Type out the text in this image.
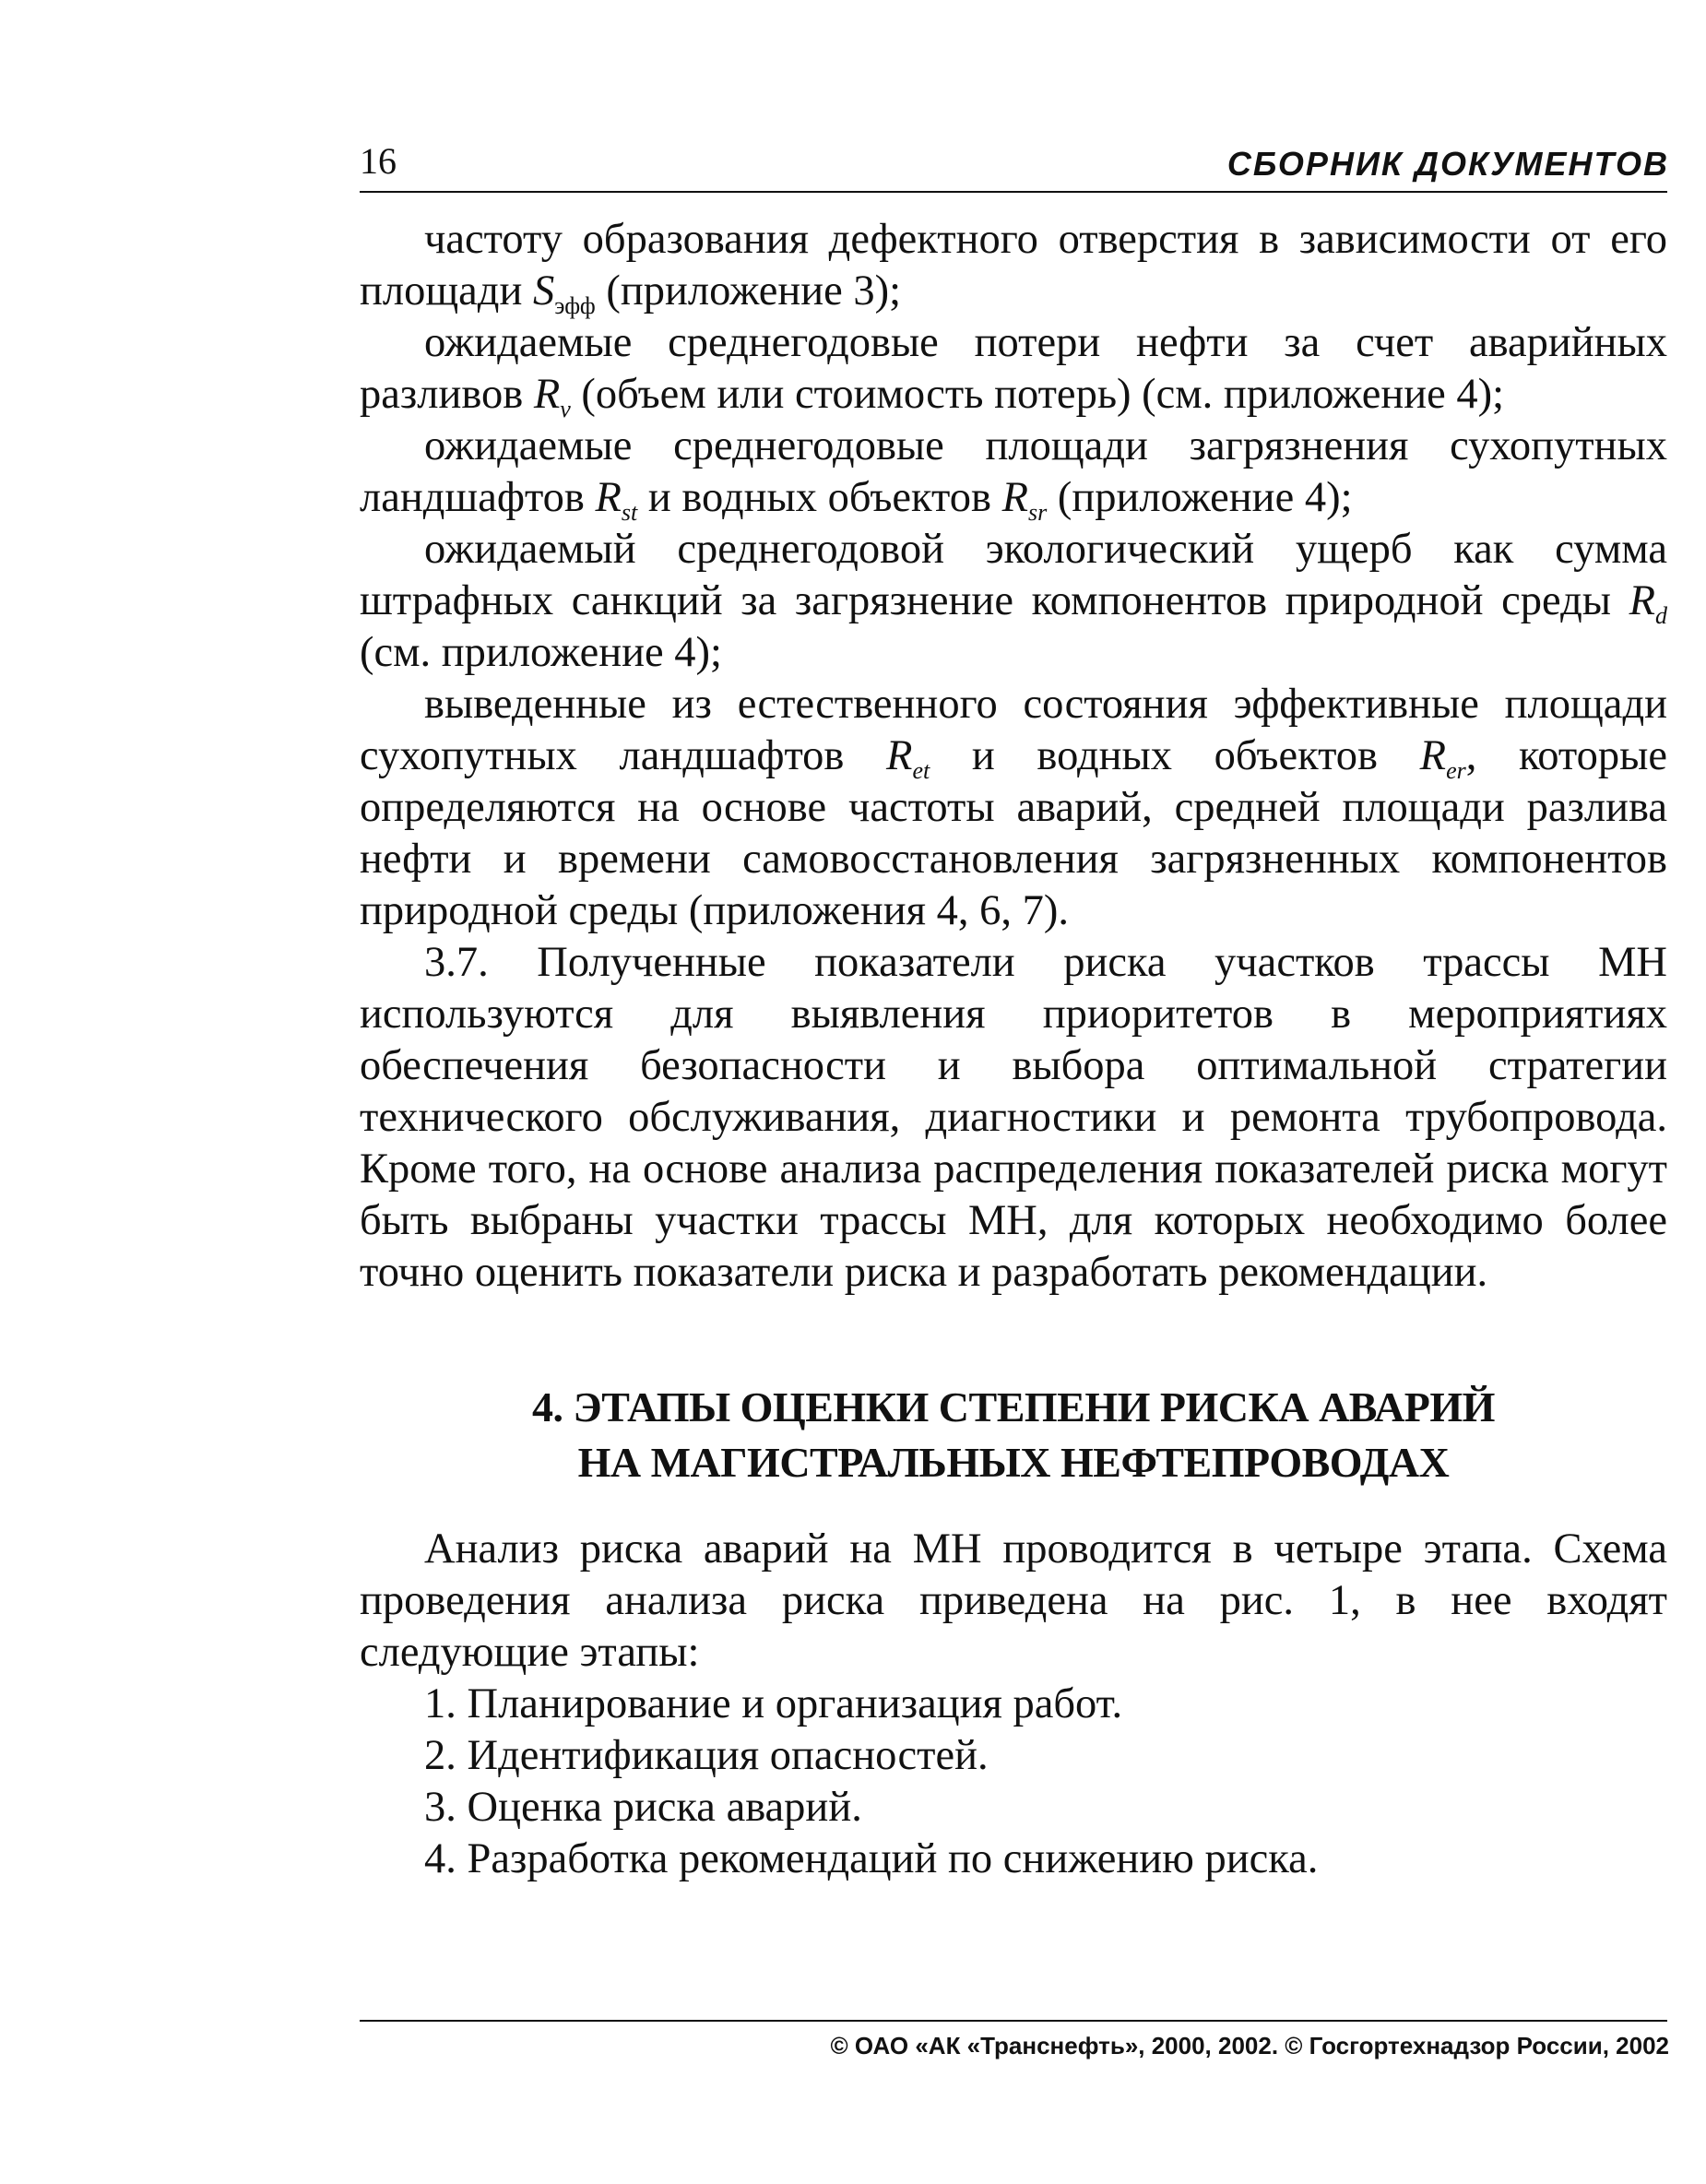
16	СБОРНИК ДОКУМЕНТОВ

частоту образования дефектного отверстия в зависимости от его площади $S_{эфф}$ (приложение 3);

ожидаемые среднегодовые потери нефти за счет аварийных разливов $R_v$ (объем или стоимость потерь) (см. приложение 4);

ожидаемые среднегодовые площади загрязнения сухопутных ландшафтов $R_{st}$ и водных объектов $R_{sr}$ (приложение 4);

ожидаемый среднегодовой экологический ущерб как сумма штрафных санкций за загрязнение компонентов природной среды $R_d$ (см. приложение 4);

выведенные из естественного состояния эффективные площади сухопутных ландшафтов $R_{et}$ и водных объектов $R_{er}$, которые определяются на основе частоты аварий, средней площади разлива нефти и времени самовосстановления загрязненных компонентов природной среды (приложения 4, 6, 7).

3.7. Полученные показатели риска участков трассы МН используются для выявления приоритетов в мероприятиях обеспечения безопасности и выбора оптимальной стратегии технического обслуживания, диагностики и ремонта трубопровода. Кроме того, на основе анализа распределения показателей риска могут быть выбраны участки трассы МН, для которых необходимо более точно оценить показатели риска и разработать рекомендации.

4. ЭТАПЫ ОЦЕНКИ СТЕПЕНИ РИСКА АВАРИЙ
НА МАГИСТРАЛЬНЫХ НЕФТЕПРОВОДАХ

Анализ риска аварий на МН проводится в четыре этапа. Схема проведения анализа риска приведена на рис. 1, в нее входят следующие этапы:

1. Планирование и организация работ.
2. Идентификация опасностей.
3. Оценка риска аварий.
4. Разработка рекомендаций по снижению риска.
© ОАО «АК «Транснефть», 2000, 2002. © Госгортехнадзор России, 2002
